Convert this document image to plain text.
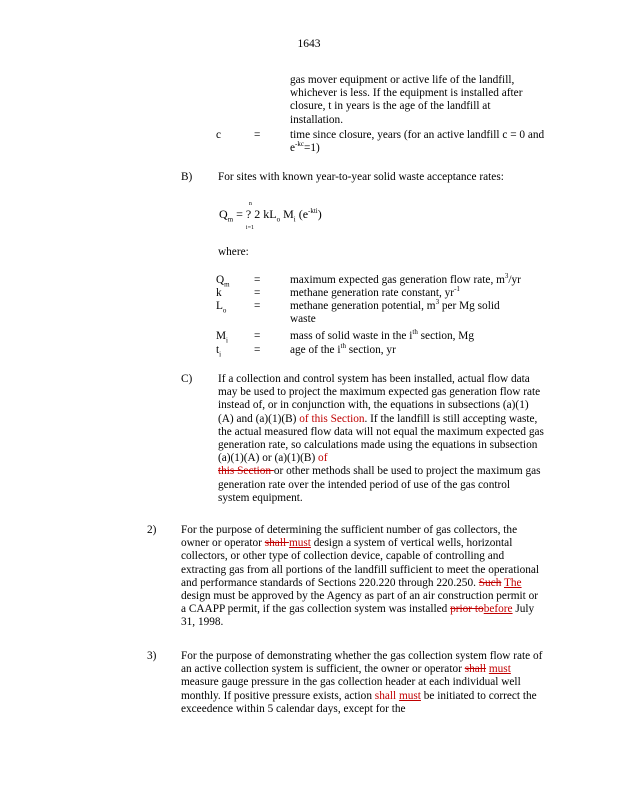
1643
gas mover equipment or active life of the landfill, whichever is less. If the equipment is installed after closure, t in years is the age of the landfill at installation.
c	=	time since closure, years (for an active landfill c = 0 and $e^{-kc}=1$)
B) For sites with known year-to-year solid waste acceptance rates:
$Q_m$ = ?
n
i=1
2 $kL_o$ $M_i$ $(e^{-kti})$
where:
$Q_m$ =	maximum expected gas generation flow rate, $m^3/yr$
k	=	methane generation rate constant, $yr^{-1}$
$L_o$ =	methane generation potential, $m^3$ per Mg solid waste
$M_i$ =	mass of solid waste in the $i^{th}$ section, Mg
$t_i$	=	age of the $i^{th}$ section, yr
C) If a collection and control system has been installed, actual flow data may be used to project the maximum expected gas generation flow rate instead of, or in conjunction with, the equations in subsections (a)(1)(A) and (a)(1)(B) of this Section. If the landfill is still accepting waste, the actual measured flow data will not equal the maximum expected gas generation rate, so calculations made using the equations in subsection (a)(1)(A) or (a)(1)(B) of
this Section or other methods shall be used to project the maximum gas generation rate over the intended period of use of the gas control system equipment.
2) For the purpose of determining the sufficient number of gas collectors, the owner or operator shall must design a system of vertical wells, horizontal collectors, or other type of collection device, capable of controlling and extracting gas from all portions of the landfill sufficient to meet the operational and performance standards of Sections 220.220 through 220.250. Such The design must be approved by the Agency as part of an air construction permit or a CAAPP permit, if the gas collection system was installed prior tobefore July 31, 1998.
3) For the purpose of demonstrating whether the gas collection system flow rate of an active collection system is sufficient, the owner or operator shall must measure gauge pressure in the gas collection header at each individual well monthly. If positive pressure exists, action shall must be initiated to correct the exceedence within 5 calendar days, except for the
